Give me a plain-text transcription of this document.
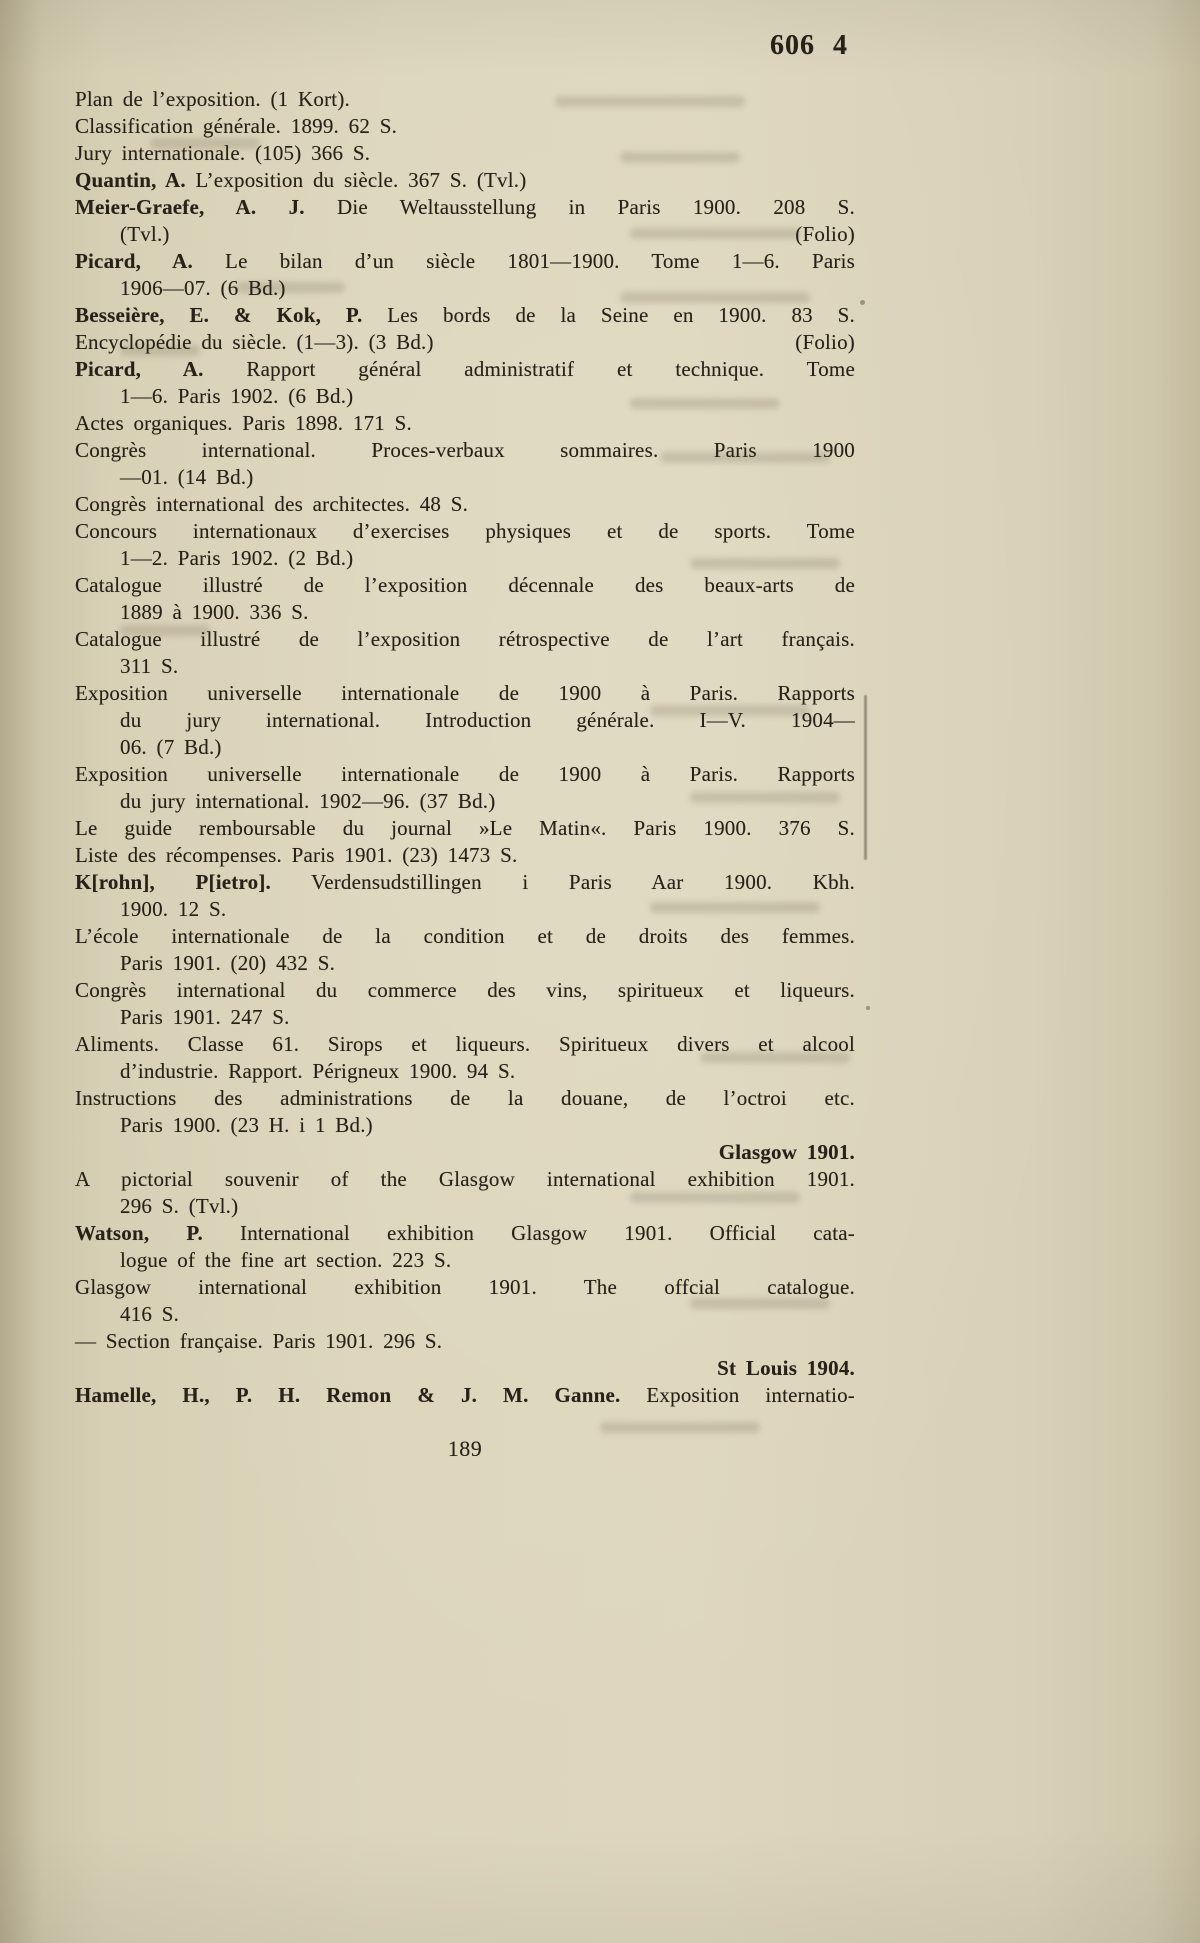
606 4
Plan de l’exposition. (1 Kort).
Classification générale. 1899. 62 S.
Jury internationale. (105) 366 S.
Quantin, A. L’exposition du siècle. 367 S. (Tvl.)
Meier-Graefe, A. J. Die Weltausstellung in Paris 1900. 208 S.
(Folio)
(Tvl.)
Picard, A. Le bilan d’un siècle 1801—1900. Tome 1—6. Paris
1906—07. (6 Bd.)
Besseière, E. & Kok, P. Les bords de la Seine en 1900. 83 S.
(Folio)
Encyclopédie du siècle. (1—3). (3 Bd.)
Picard, A. Rapport général administratif et technique. Tome
1—6. Paris 1902. (6 Bd.)
Actes organiques. Paris 1898. 171 S.
Congrès international. Proces-verbaux sommaires. Paris 1900
—01. (14 Bd.)
Congrès international des architectes. 48 S.
Concours internationaux d’exercises physiques et de sports. Tome
1—2. Paris 1902. (2 Bd.)
Catalogue illustré de l’exposition décennale des beaux-arts de
1889 à 1900. 336 S.
Catalogue illustré de l’exposition rétrospective de l’art français.
311 S.
Exposition universelle internationale de 1900 à Paris. Rapports
du jury international. Introduction générale. I—V. 1904—
06. (7 Bd.)
Exposition universelle internationale de 1900 à Paris. Rapports
du jury international. 1902—96. (37 Bd.)
Le guide remboursable du journal »Le Matin«. Paris 1900. 376 S.
Liste des récompenses. Paris 1901. (23) 1473 S.
K[rohn], P[ietro]. Verdensudstillingen i Paris Aar 1900. Kbh.
1900. 12 S.
L’école internationale de la condition et de droits des femmes.
Paris 1901. (20) 432 S.
Congrès international du commerce des vins, spiritueux et liqueurs.
Paris 1901. 247 S.
Aliments. Classe 61. Sirops et liqueurs. Spiritueux divers et alcool
d’industrie. Rapport. Périgneux 1900. 94 S.
Instructions des administrations de la douane, de l’octroi etc.
Paris 1900. (23 H. i 1 Bd.)
Glasgow 1901.
A pictorial souvenir of the Glasgow international exhibition 1901.
296 S. (Tvl.)
Watson, P. International exhibition Glasgow 1901. Official cata-
logue of the fine art section. 223 S.
Glasgow international exhibition 1901. The offcial catalogue.
416 S.
— Section française. Paris 1901. 296 S.
St Louis 1904.
Hamelle, H., P. H. Remon & J. M. Ganne. Exposition internatio-
189
